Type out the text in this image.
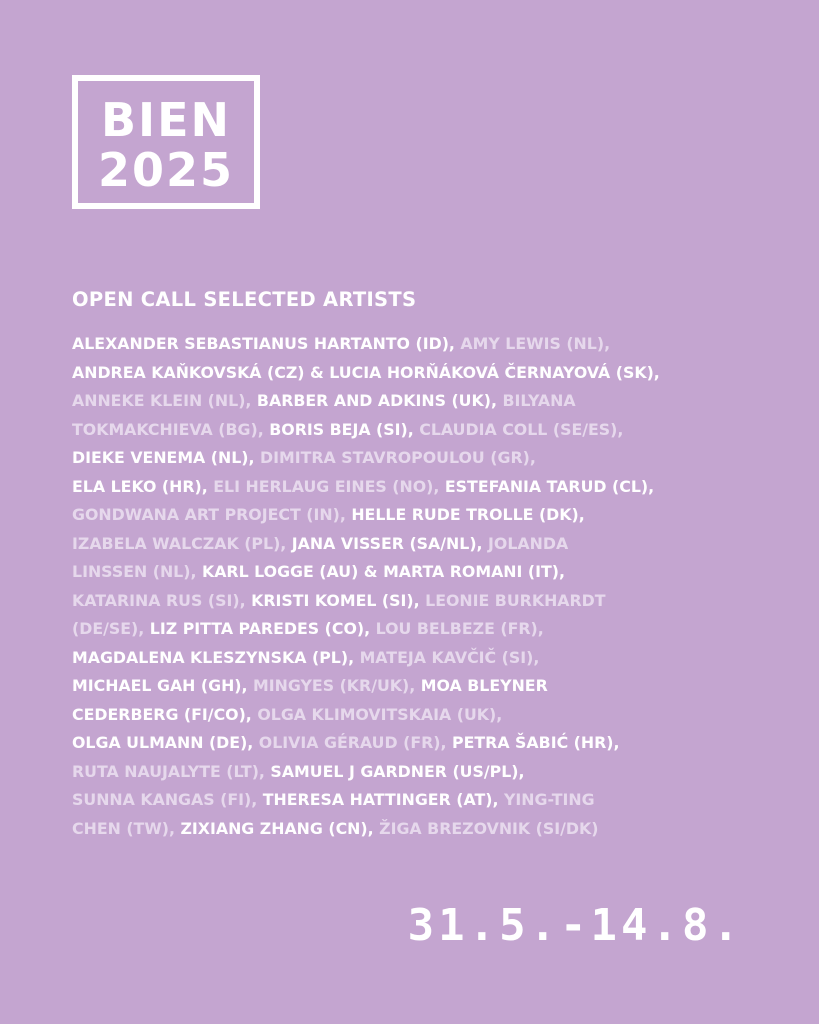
BIEN
2025
OPEN CALL SELECTED ARTISTS
ALEXANDER SEBASTIANUS HARTANTO (ID), AMY LEWIS (NL),
ANDREA KAŇKOVSKÁ (CZ) & LUCIA HORŇÁKOVÁ ČERNAYOVÁ (SK),
ANNEKE KLEIN (NL), BARBER AND ADKINS (UK), BILYANA
TOKMAKCHIEVA (BG), BORIS BEJA (SI), CLAUDIA COLL (SE/ES),
DIEKE VENEMA (NL), DIMITRA STAVROPOULOU (GR),
ELA LEKO (HR), ELI HERLAUG EINES (NO), ESTEFANIA TARUD (CL),
GONDWANA ART PROJECT (IN), HELLE RUDE TROLLE (DK),
IZABELA WALCZAK (PL), JANA VISSER (SA/NL), JOLANDA
LINSSEN (NL), KARL LOGGE (AU) & MARTA ROMANI (IT),
KATARINA RUS (SI), KRISTI KOMEL (SI), LEONIE BURKHARDT
(DE/SE), LIZ PITTA PAREDES (CO), LOU BELBEZE (FR),
MAGDALENA KLESZYNSKA (PL), MATEJA KAVČIČ (SI),
MICHAEL GAH (GH), MINGYES (KR/UK), MOA BLEYNER
CEDERBERG (FI/CO), OLGA KLIMOVITSKAIA (UK),
OLGA ULMANN (DE), OLIVIA GÉRAUD (FR), PETRA ŠABIĆ (HR),
RUTA NAUJALYTE (LT), SAMUEL J GARDNER (US/PL),
SUNNA KANGAS (FI), THERESA HATTINGER (AT), YING-TING
CHEN (TW), ZIXIANG ZHANG (CN), ŽIGA BREZOVNIK (SI/DK)
31.5.-14.8.
